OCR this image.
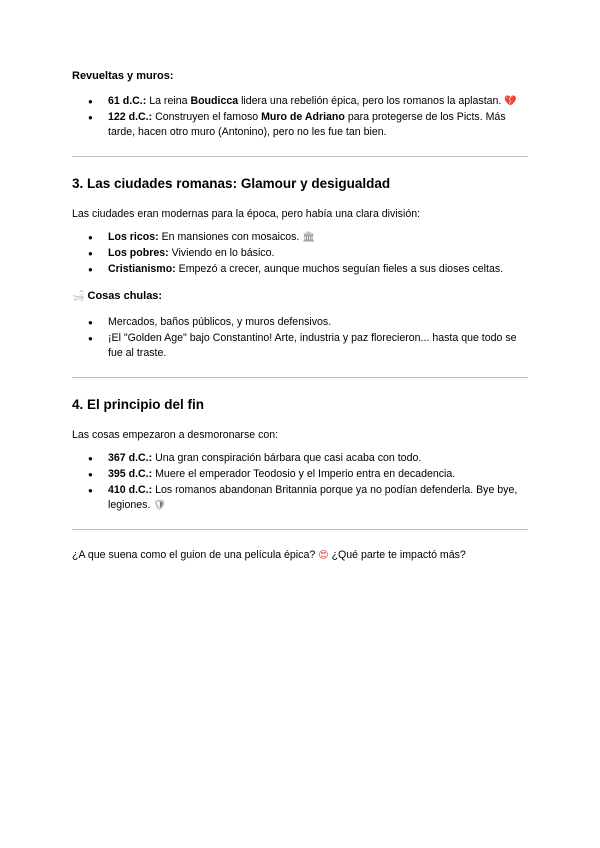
Revueltas y muros:
● 61 d.C.: La reina Boudicca lidera una rebelión épica, pero los romanos la aplastan. 💔
● 122 d.C.: Construyen el famoso Muro de Adriano para protegerse de los Picts. Más tarde, hacen otro muro (Antonino), pero no les fue tan bien.
3. Las ciudades romanas: Glamour y desigualdad

Las ciudades eran modernas para la época, pero había una clara división:

● Los ricos: En mansiones con mosaicos. 🏛
● Los pobres: Viviendo en lo básico.
● Cristianismo: Empezó a crecer, aunque muchos seguían fieles a sus dioses celtas.
🛁 Cosas chulas:
● Mercados, baños públicos, y muros defensivos.
● ¡El "Golden Age" bajo Constantino! Arte, industria y paz florecieron... hasta que todo se fue al traste.
4. El principio del fin

Las cosas empezaron a desmoronarse con:

● 367 d.C.: Una gran conspiración bárbara que casi acaba con todo.
● 395 d.C.: Muere el emperador Teodosio y el Imperio entra en decadencia.
● 410 d.C.: Los romanos abandonan Britannia porque ya no podían defenderla. Bye bye, legiones. 🛡

¿A que suena como el guion de una película épica? 😍 ¿Qué parte te impactó más?
